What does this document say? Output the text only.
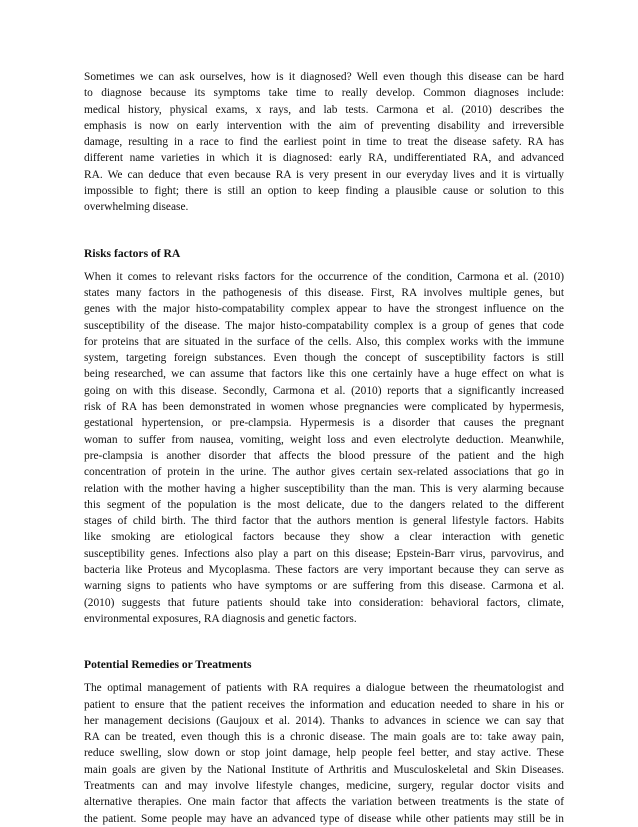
Sometimes we can ask ourselves, how is it diagnosed? Well even though this disease can be hard
to diagnose because its symptoms take time to really develop. Common diagnoses include:
medical history, physical exams, x rays, and lab tests. Carmona et al. (2010) describes the
emphasis is now on early intervention with the aim of preventing disability and irreversible
damage, resulting in a race to find the earliest point in time to treat the disease safety. RA has
different name varieties in which it is diagnosed: early RA, undifferentiated RA, and advanced
RA. We can deduce that even because RA is very present in our everyday lives and it is virtually
impossible to fight; there is still an option to keep finding a plausible cause or solution to this
overwhelming disease.

Risks factors of RA

When it comes to relevant risks factors for the occurrence of the condition, Carmona et al. (2010)
states many factors in the pathogenesis of this disease. First, RA involves multiple genes, but
genes with the major histo-compatability complex appear to have the strongest influence on the
susceptibility of the disease. The major histo-compatability complex is a group of genes that code
for proteins that are situated in the surface of the cells. Also, this complex works with the immune
system, targeting foreign substances. Even though the concept of susceptibility factors is still
being researched, we can assume that factors like this one certainly have a huge effect on what is
going on with this disease. Secondly, Carmona et al. (2010) reports that a significantly increased
risk of RA has been demonstrated in women whose pregnancies were complicated by hypermesis,
gestational hypertension, or pre-clampsia. Hypermesis is a disorder that causes the pregnant
woman to suffer from nausea, vomiting, weight loss and even electrolyte deduction. Meanwhile,
pre-clampsia is another disorder that affects the blood pressure of the patient and the high
concentration of protein in the urine. The author gives certain sex-related associations that go in
relation with the mother having a higher susceptibility than the man. This is very alarming because
this segment of the population is the most delicate, due to the dangers related to the different
stages of child birth. The third factor that the authors mention is general lifestyle factors. Habits
like smoking are etiological factors because they show a clear interaction with genetic
susceptibility genes. Infections also play a part on this disease; Epstein-Barr virus, parvovirus, and
bacteria like Proteus and Mycoplasma. These factors are very important because they can serve as
warning signs to patients who have symptoms or are suffering from this disease. Carmona et al.
(2010) suggests that future patients should take into consideration: behavioral factors, climate,
environmental exposures, RA diagnosis and genetic factors.

Potential Remedies or Treatments

The optimal management of patients with RA requires a dialogue between the rheumatologist and
patient to ensure that the patient receives the information and education needed to share in his or
her management decisions (Gaujoux et al. 2014). Thanks to advances in science we can say that
RA can be treated, even though this is a chronic disease. The main goals are to: take away pain,
reduce swelling, slow down or stop joint damage, help people feel better, and stay active. These
main goals are given by the National Institute of Arthritis and Musculoskeletal and Skin Diseases.
Treatments can and may involve lifestyle changes, medicine, surgery, regular doctor visits and
alternative therapies. One main factor that affects the variation between treatments is the state of
the patient. Some people may have an advanced type of disease while other patients may still be in
